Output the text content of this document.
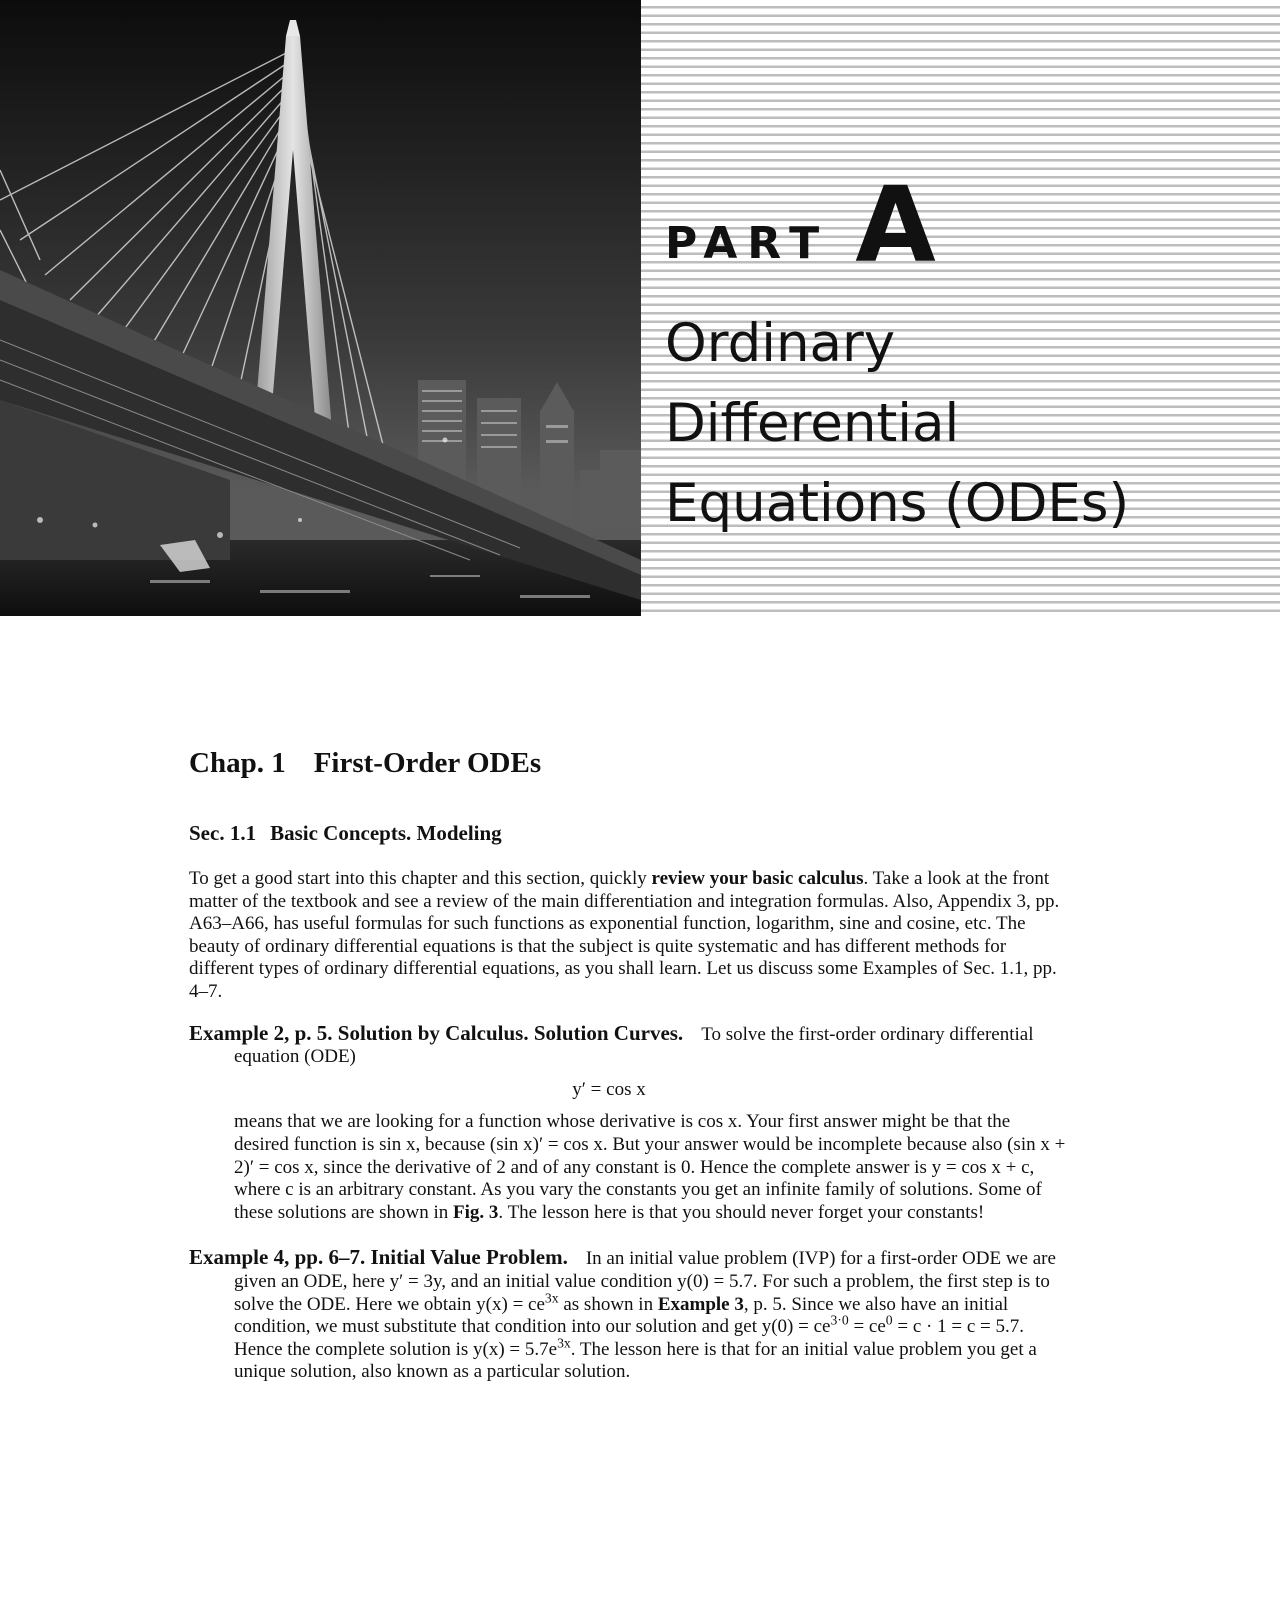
PART A
Ordinary
Differential
Equations (ODEs)
Chap. 1 First-Order ODEs
Sec. 1.1 Basic Concepts. Modeling

To get a good start into this chapter and this section, quickly review your basic calculus. Take a look at the front matter of the textbook and see a review of the main differentiation and integration formulas. Also, Appendix 3, pp. A63–A66, has useful formulas for such functions as exponential function, logarithm, sine and cosine, etc. The beauty of ordinary differential equations is that the subject is quite systematic and has different methods for different types of ordinary differential equations, as you shall learn. Let us discuss some Examples of Sec. 1.1, pp. 4–7.

Example 2, p. 5. Solution by Calculus. Solution Curves. To solve the first-order ordinary differential equation (ODE)

y′ = cos x

means that we are looking for a function whose derivative is cos x. Your first answer might be that the desired function is sin x, because (sin x)′ = cos x. But your answer would be incomplete because also (sin x + 2)′ = cos x, since the derivative of 2 and of any constant is 0. Hence the complete answer is y = cos x + c, where c is an arbitrary constant. As you vary the constants you get an infinite family of solutions. Some of these solutions are shown in Fig. 3. The lesson here is that you should never forget your constants!

Example 4, pp. 6–7. Initial Value Problem. In an initial value problem (IVP) for a first-order ODE we are given an ODE, here y′ = 3y, and an initial value condition y(0) = 5.7. For such a problem, the first step is to solve the ODE. Here we obtain $y(x) = ce^{3x}$ as shown in Example 3, p. 5. Since we also have an initial condition, we must substitute that condition into our solution and get $y(0) = ce^{3\cdot 0} = ce^0 = c \cdot 1 = c = 5.7$. Hence the complete solution is $y(x) = 5.7e^{3x}$. The lesson here is that for an initial value problem you get a unique solution, also known as a particular solution.
